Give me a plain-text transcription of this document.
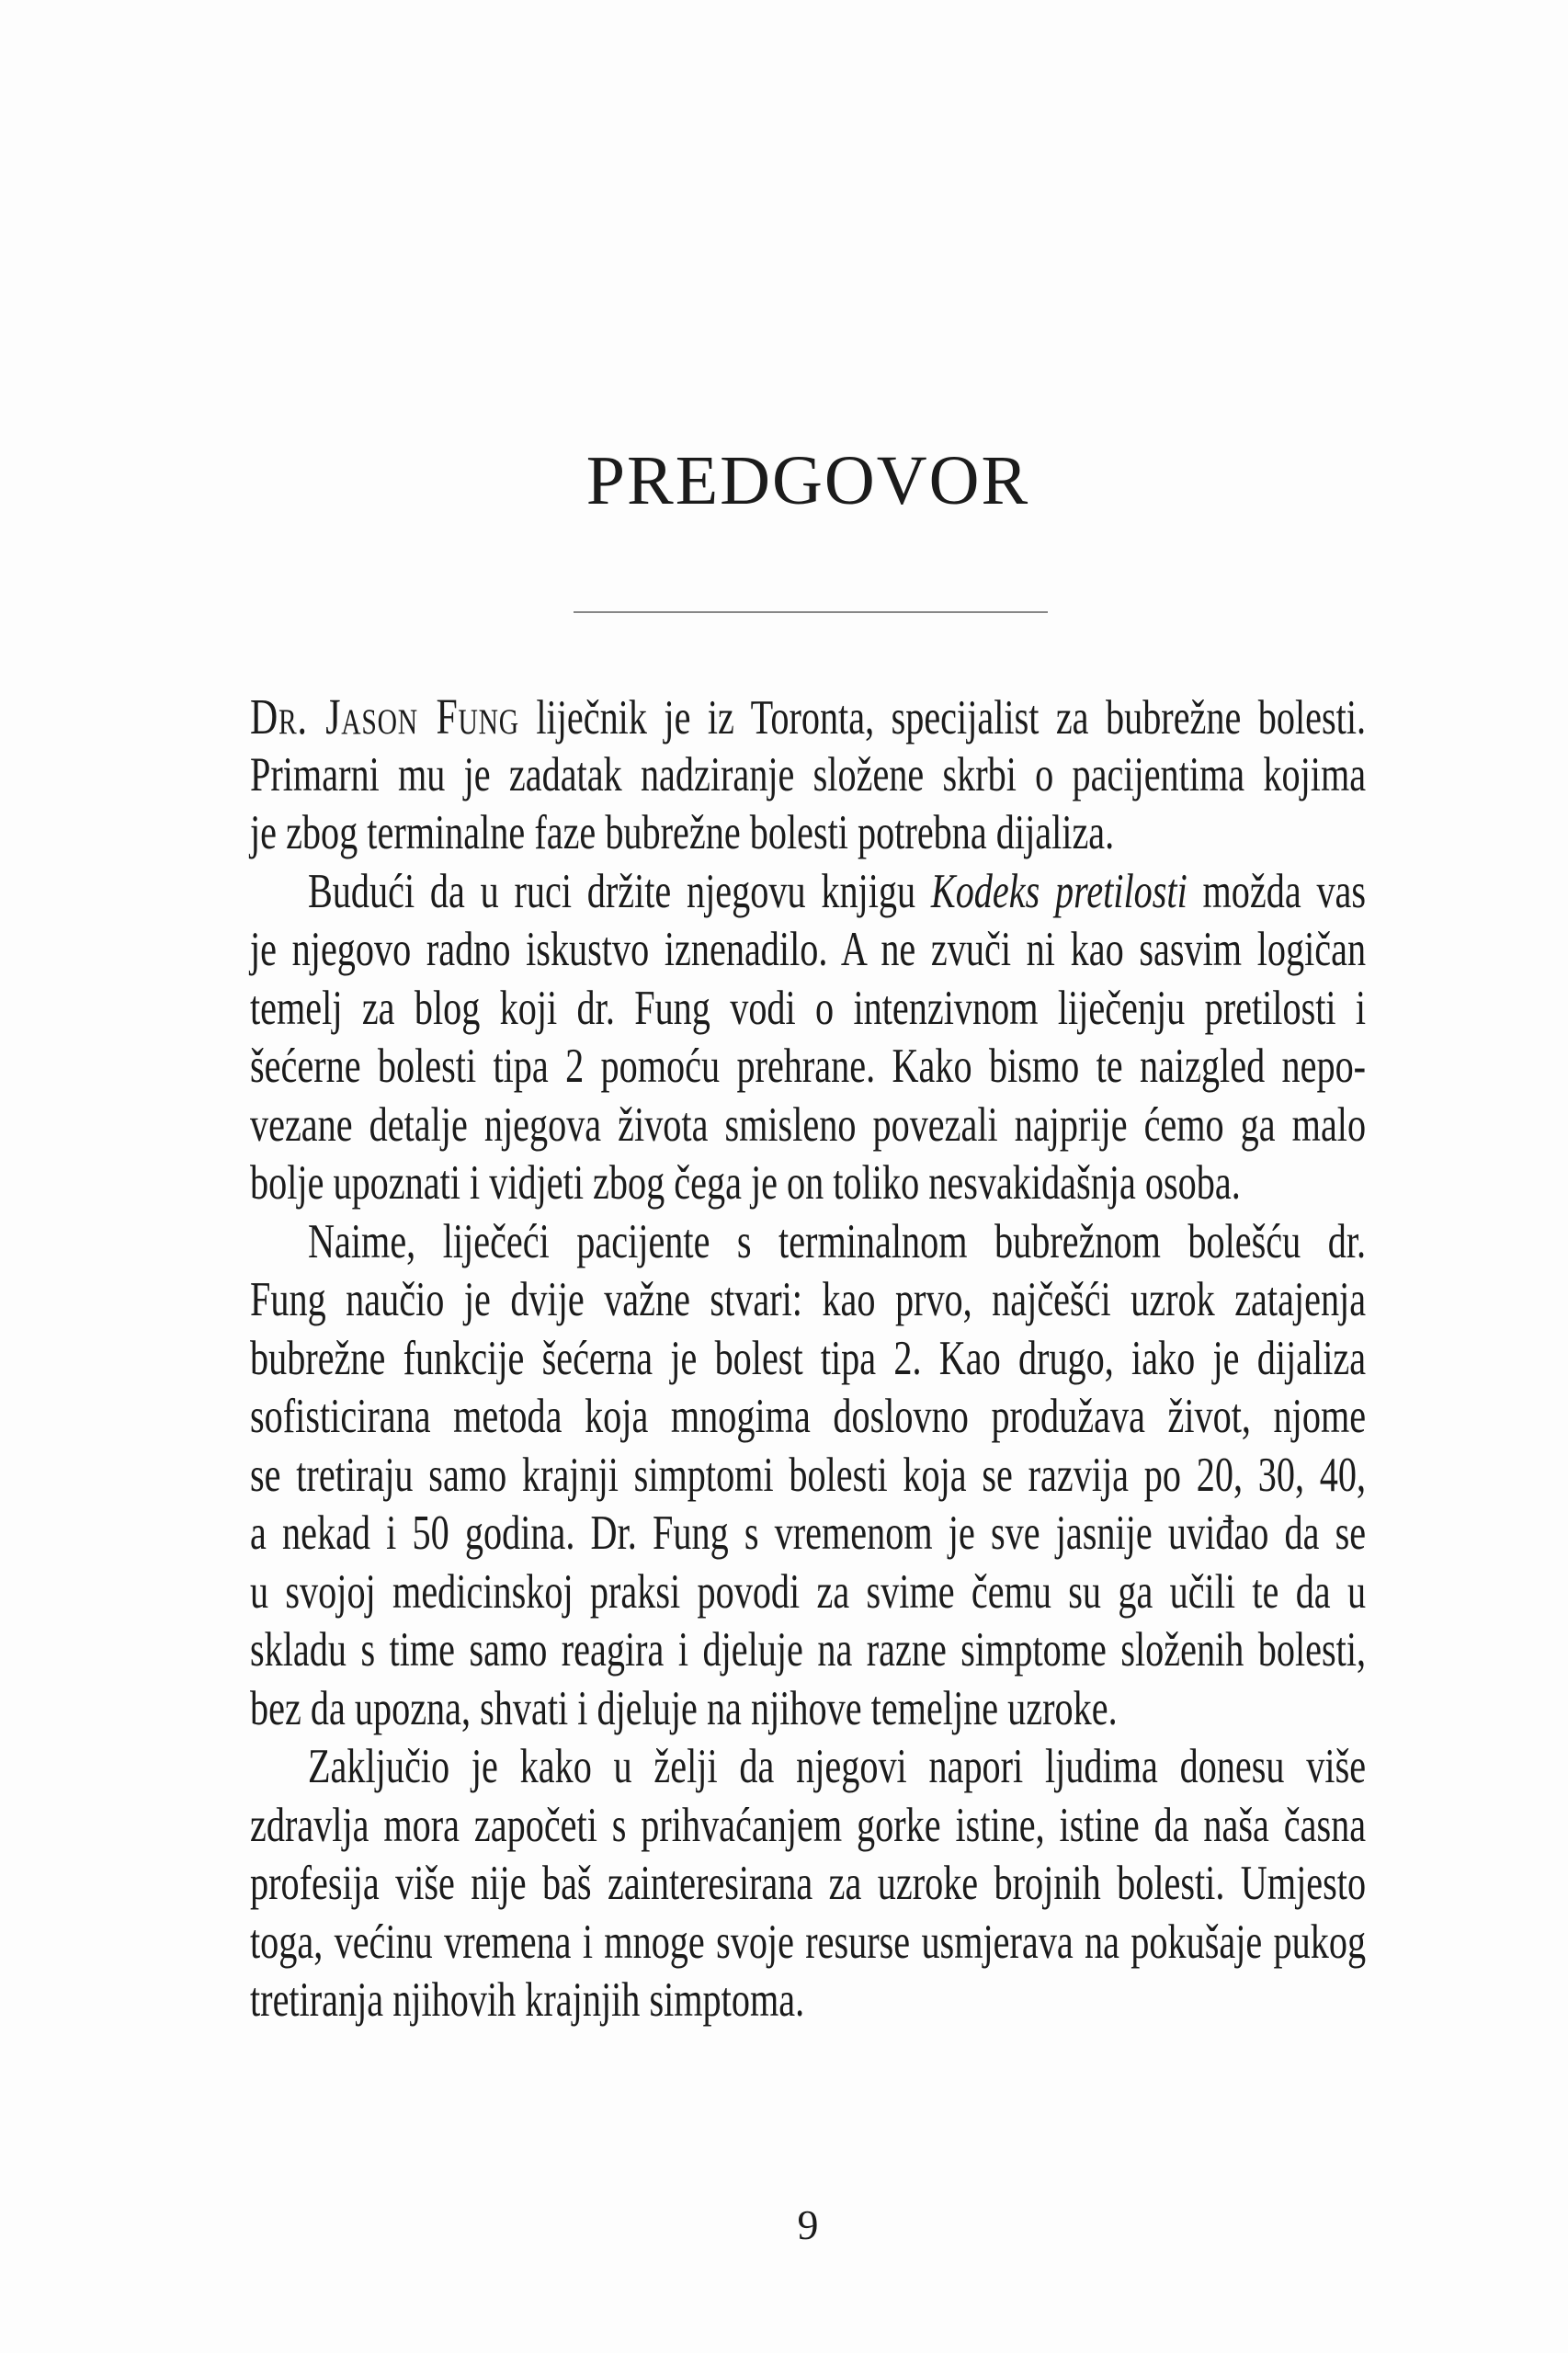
PREDGOVOR
Dr. Jason Fung liječnik je iz Toronta, specijalist za bubrežne bolesti.
Primarni mu je zadatak nadziranje složene skrbi o pacijentima kojima
je zbog terminalne faze bubrežne bolesti potrebna dijaliza.
Budući da u ruci držite njegovu knjigu Kodeks pretilosti možda vas
je njegovo radno iskustvo iznenadilo. A ne zvuči ni kao sasvim logičan
temelj za blog koji dr. Fung vodi o intenzivnom liječenju pretilosti i
šećerne bolesti tipa 2 pomoću prehrane. Kako bismo te naizgled nepo-
vezane detalje njegova života smisleno povezali najprije ćemo ga malo
bolje upoznati i vidjeti zbog čega je on toliko nesvakidašnja osoba.
Naime, liječeći pacijente s terminalnom bubrežnom bolešću dr.
Fung naučio je dvije važne stvari: kao prvo, najčešći uzrok zatajenja
bubrežne funkcije šećerna je bolest tipa 2. Kao drugo, iako je dijaliza
sofisticirana metoda koja mnogima doslovno produžava život, njome
se tretiraju samo krajnji simptomi bolesti koja se razvija po 20, 30, 40,
a nekad i 50 godina. Dr. Fung s vremenom je sve jasnije uviđao da se
u svojoj medicinskoj praksi povodi za svime čemu su ga učili te da u
skladu s time samo reagira i djeluje na razne simptome složenih bolesti,
bez da upozna, shvati i djeluje na njihove temeljne uzroke.
Zaključio je kako u želji da njegovi napori ljudima donesu više
zdravlja mora započeti s prihvaćanjem gorke istine, istine da naša časna
profesija više nije baš zainteresirana za uzroke brojnih bolesti. Umjesto
toga, većinu vremena i mnoge svoje resurse usmjerava na pokušaje pukog
tretiranja njihovih krajnjih simptoma.
9
